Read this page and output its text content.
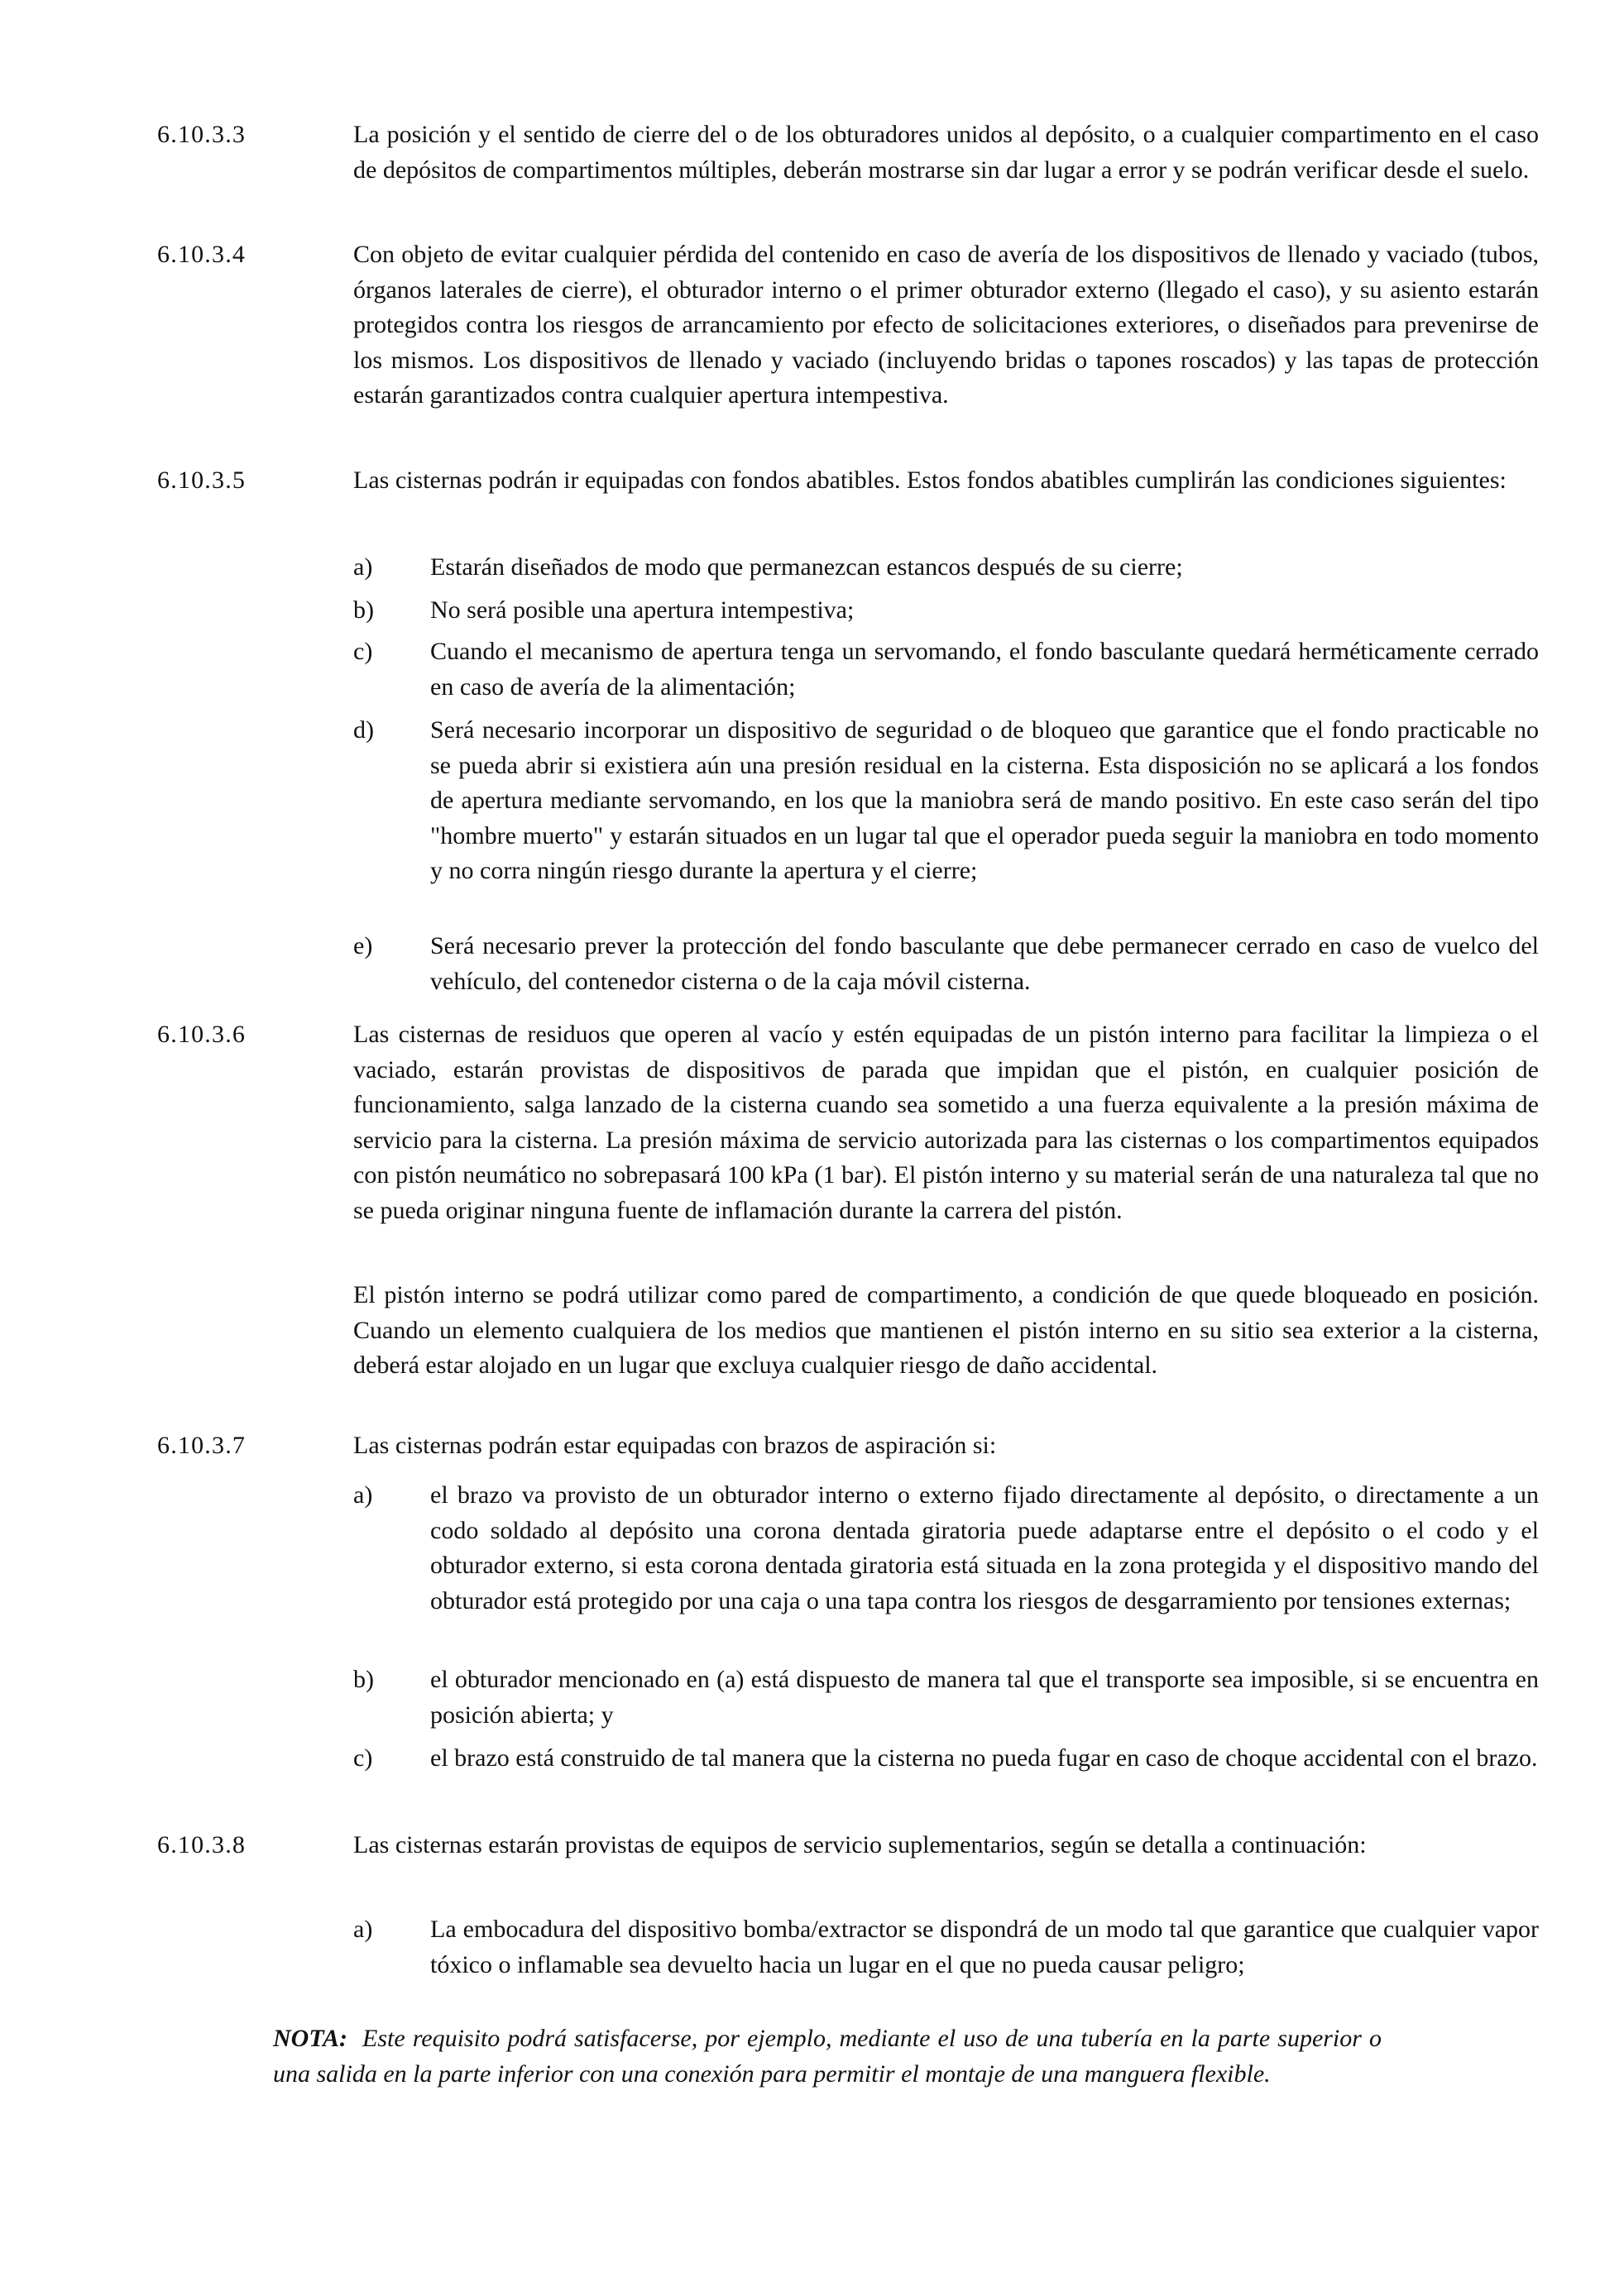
6.10.3.3	La posición y el sentido de cierre del o de los obturadores unidos al depósito, o a cualquier compartimento en el caso de depósitos de compartimentos múltiples, deberán mostrarse sin dar lugar a error y se podrán verificar desde el suelo.
6.10.3.4	Con objeto de evitar cualquier pérdida del contenido en caso de avería de los dispositivos de llenado y vaciado (tubos, órganos laterales de cierre), el obturador interno o el primer obturador externo (llegado el caso), y su asiento estarán protegidos contra los riesgos de arrancamiento por efecto de solicitaciones exteriores, o diseñados para prevenirse de los mismos. Los dispositivos de llenado y vaciado (incluyendo bridas o tapones roscados) y las tapas de protección estarán garantizados contra cualquier apertura intempestiva.
6.10.3.5	Las cisternas podrán ir equipadas con fondos abatibles. Estos fondos abatibles cumplirán las condiciones siguientes:
a)	Estarán diseñados de modo que permanezcan estancos después de su cierre;
b)	No será posible una apertura intempestiva;
c)	Cuando el mecanismo de apertura tenga un servomando, el fondo basculante quedará herméticamente cerrado en caso de avería de la alimentación;
d)	Será necesario incorporar un dispositivo de seguridad o de bloqueo que garantice que el fondo practicable no se pueda abrir si existiera aún una presión residual en la cisterna. Esta disposición no se aplicará a los fondos de apertura mediante servomando, en los que la maniobra será de mando positivo. En este caso serán del tipo "hombre muerto" y estarán situados en un lugar tal que el operador pueda seguir la maniobra en todo momento y no corra ningún riesgo durante la apertura y el cierre;
e)	Será necesario prever la protección del fondo basculante que debe permanecer cerrado en caso de vuelco del vehículo, del contenedor cisterna o de la caja móvil cisterna.
6.10.3.6	Las cisternas de residuos que operen al vacío y estén equipadas de un pistón interno para facilitar la limpieza o el vaciado, estarán provistas de dispositivos de parada que impidan que el pistón, en cualquier posición de funcionamiento, salga lanzado de la cisterna cuando sea sometido a una fuerza equivalente a la presión máxima de servicio para la cisterna. La presión máxima de servicio autorizada para las cisternas o los compartimentos equipados con pistón neumático no sobrepasará 100 kPa (1 bar). El pistón interno y su material serán de una naturaleza tal que no se pueda originar ninguna fuente de inflamación durante la carrera del pistón.
El pistón interno se podrá utilizar como pared de compartimento, a condición de que quede bloqueado en posición. Cuando un elemento cualquiera de los medios que mantienen el pistón interno en su sitio sea exterior a la cisterna, deberá estar alojado en un lugar que excluya cualquier riesgo de daño accidental.
6.10.3.7	Las cisternas podrán estar equipadas con brazos de aspiración si:
a)	el brazo va provisto de un obturador interno o externo fijado directamente al depósito, o directamente a un codo soldado al depósito una corona dentada giratoria puede adaptarse entre el depósito o el codo y el obturador externo, si esta corona dentada giratoria está situada en la zona protegida y el dispositivo mando del obturador está protegido por una caja o una tapa contra los riesgos de desgarramiento por tensiones externas;
b)	el obturador mencionado en (a) está dispuesto de manera tal que el transporte sea imposible, si se encuentra en posición abierta; y
c)	el brazo está construido de tal manera que la cisterna no pueda fugar en caso de choque accidental con el brazo.
6.10.3.8	Las cisternas estarán provistas de equipos de servicio suplementarios, según se detalla a continuación:
a)	La embocadura del dispositivo bomba/extractor se dispondrá de un modo tal que garantice que cualquier vapor tóxico o inflamable sea devuelto hacia un lugar en el que no pueda causar peligro;
NOTA: Este requisito podrá satisfacerse, por ejemplo, mediante el uso de una tubería en la parte superior o una salida en la parte inferior con una conexión para permitir el montaje de una manguera flexible.
